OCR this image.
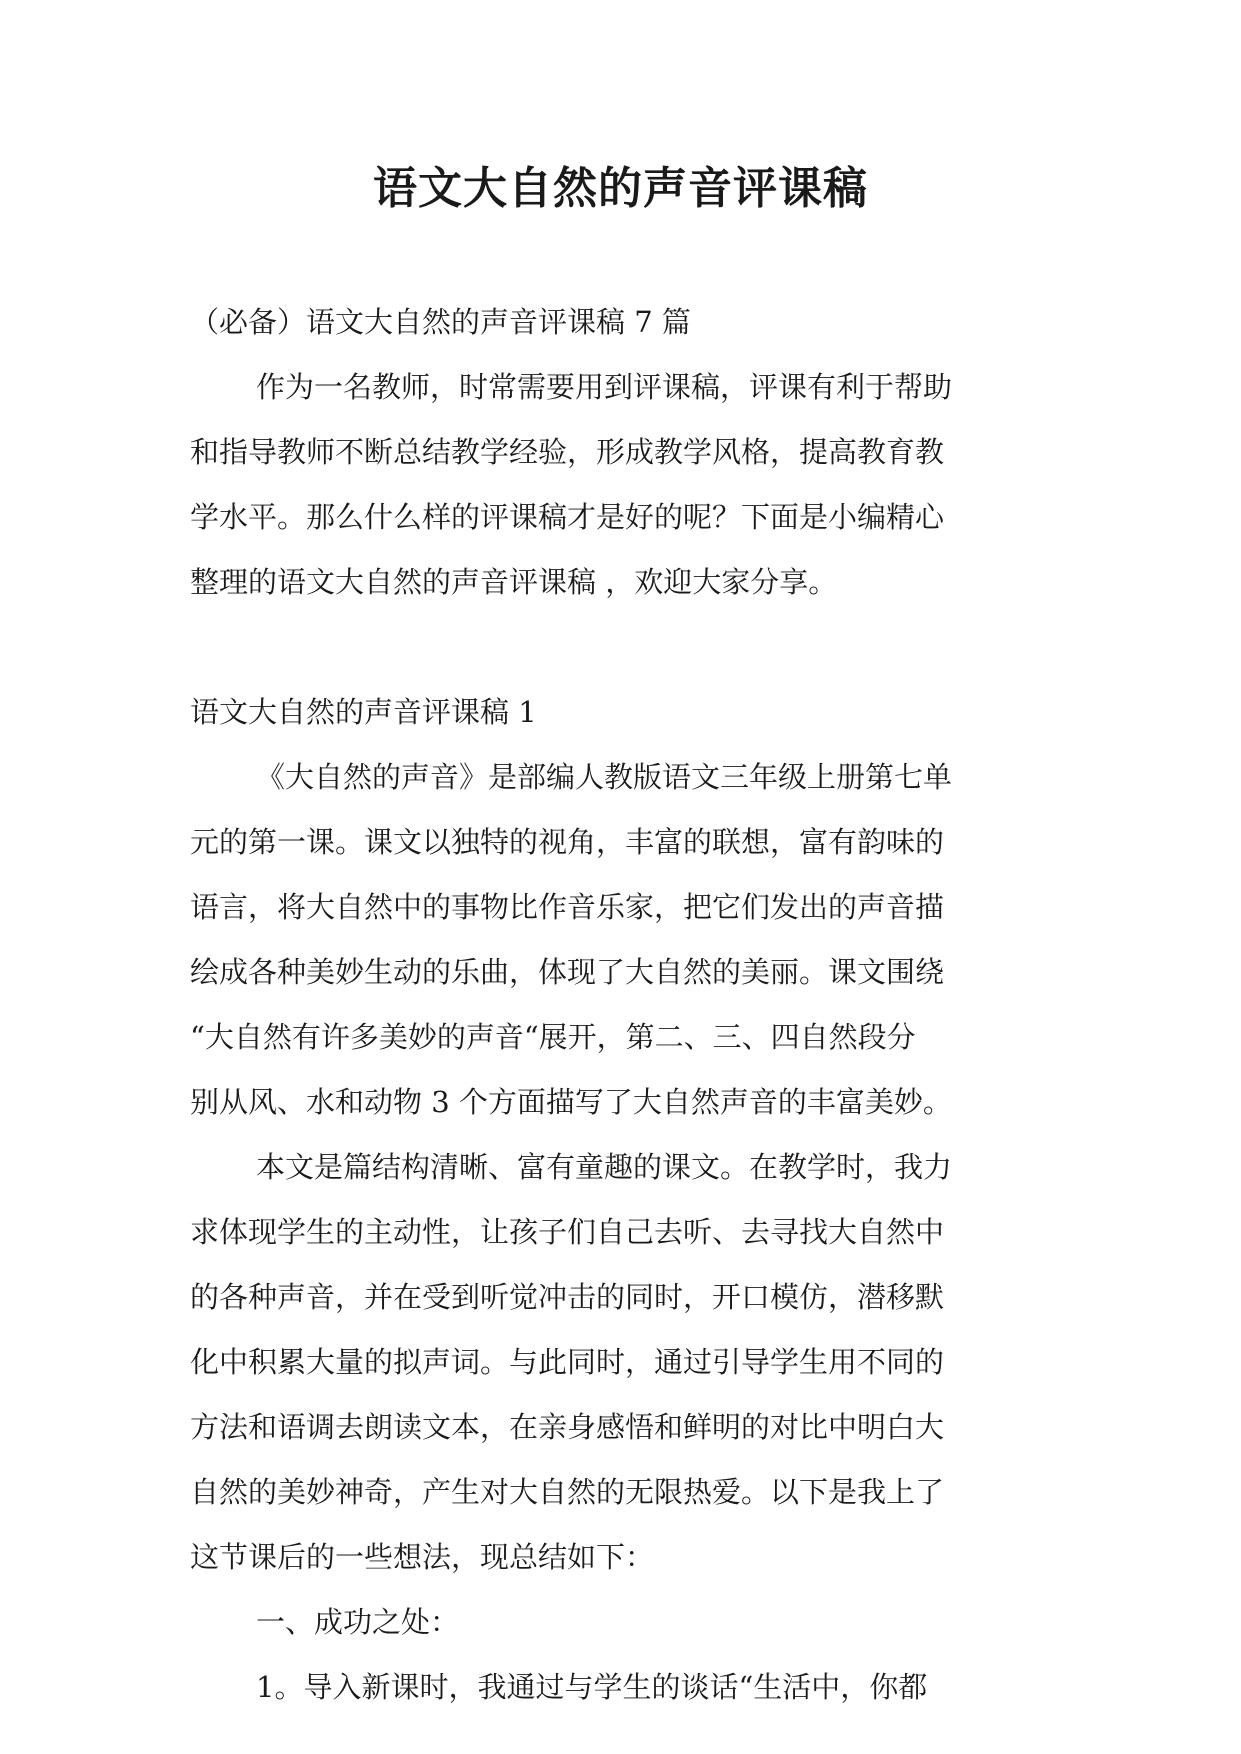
语文大自然的声音评课稿
（必备）语文大自然的声音评课稿 7 篇
作为一名教师，时常需要用到评课稿，评课有利于帮助
和指导教师不断总结教学经验，形成教学风格，提高教育教
学水平。那么什么样的评课稿才是好的呢？下面是小编精心
整理的语文大自然的声音评课稿 ，欢迎大家分享。
语文大自然的声音评课稿 1
《大自然的声音》是部编人教版语文三年级上册第七单
元的第一课。课文以独特的视角，丰富的联想，富有韵味的
语言，将大自然中的事物比作音乐家，把它们发出的声音描
绘成各种美妙生动的乐曲，体现了大自然的美丽。课文围绕
“大自然有许多美妙的声音“展开，第二、三、四自然段分
别从风、水和动物 3 个方面描写了大自然声音的丰富美妙。
本文是篇结构清晰、富有童趣的课文。在教学时，我力
求体现学生的主动性，让孩子们自己去听、去寻找大自然中
的各种声音，并在受到听觉冲击的同时，开口模仿，潜移默
化中积累大量的拟声词。与此同时，通过引导学生用不同的
方法和语调去朗读文本，在亲身感悟和鲜明的对比中明白大
自然的美妙神奇，产生对大自然的无限热爱。以下是我上了
这节课后的一些想法，现总结如下：
一、成功之处：
1。导入新课时，我通过与学生的谈话“生活中，你都
